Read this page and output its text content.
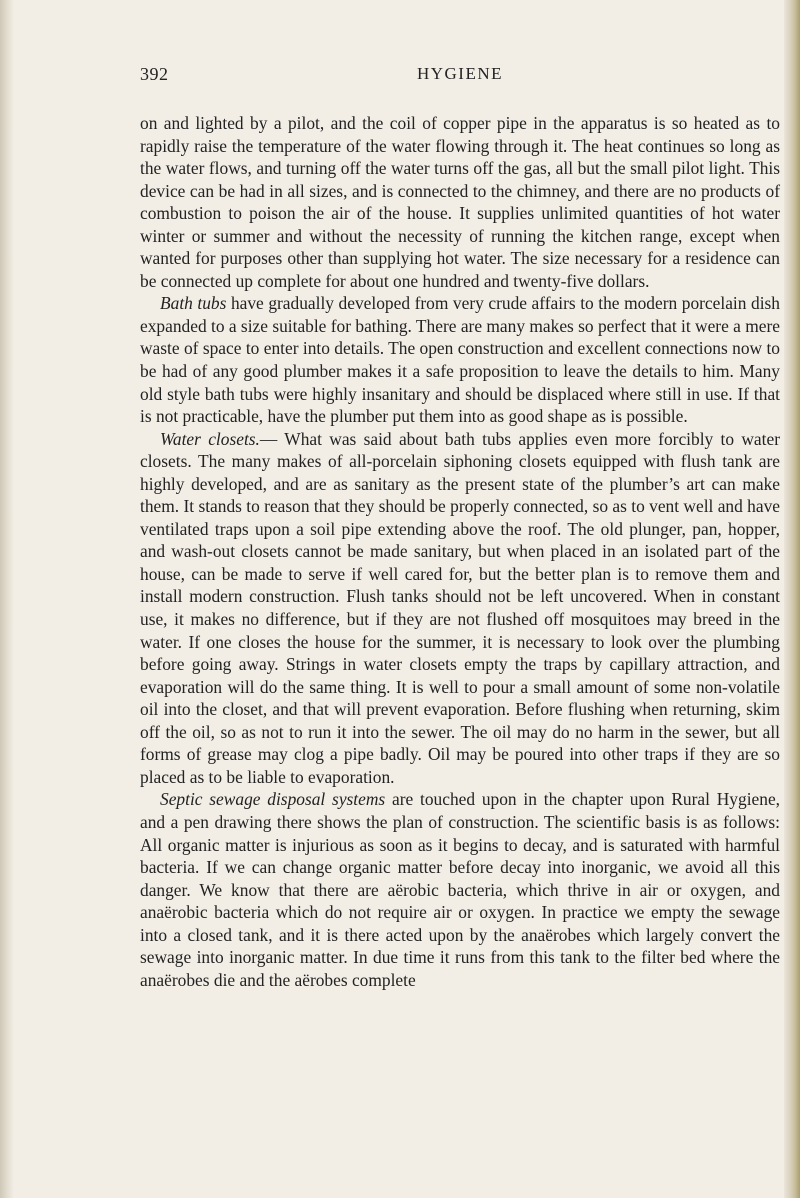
392	HYGIENE

on and lighted by a pilot, and the coil of copper pipe in the apparatus is so heated as to rapidly raise the temperature of the water flowing through it. The heat continues so long as the water flows, and turning off the water turns off the gas, all but the small pilot light. This device can be had in all sizes, and is connected to the chimney, and there are no products of combustion to poison the air of the house. It supplies unlimited quantities of hot water winter or summer and without the necessity of running the kitchen range, except when wanted for purposes other than supplying hot water. The size necessary for a residence can be connected up complete for about one hundred and twenty-five dollars.

Bath tubs have gradually developed from very crude affairs to the modern porcelain dish expanded to a size suitable for bathing. There are many makes so perfect that it were a mere waste of space to enter into details. The open construction and excellent connections now to be had of any good plumber makes it a safe proposition to leave the details to him. Many old style bath tubs were highly insanitary and should be displaced where still in use. If that is not practicable, have the plumber put them into as good shape as is possible.

Water closets.— What was said about bath tubs applies even more forcibly to water closets. The many makes of all-porcelain siphoning closets equipped with flush tank are highly developed, and are as sanitary as the present state of the plumber’s art can make them. It stands to reason that they should be properly connected, so as to vent well and have ventilated traps upon a soil pipe extending above the roof. The old plunger, pan, hopper, and wash-out closets cannot be made sanitary, but when placed in an isolated part of the house, can be made to serve if well cared for, but the better plan is to remove them and install modern construction. Flush tanks should not be left uncovered. When in constant use, it makes no difference, but if they are not flushed off mosquitoes may breed in the water. If one closes the house for the summer, it is necessary to look over the plumbing before going away. Strings in water closets empty the traps by capillary attraction, and evaporation will do the same thing. It is well to pour a small amount of some non-volatile oil into the closet, and that will prevent evaporation. Before flushing when returning, skim off the oil, so as not to run it into the sewer. The oil may do no harm in the sewer, but all forms of grease may clog a pipe badly. Oil may be poured into other traps if they are so placed as to be liable to evaporation.

Septic sewage disposal systems are touched upon in the chapter upon Rural Hygiene, and a pen drawing there shows the plan of construction. The scientific basis is as follows: All organic matter is injurious as soon as it begins to decay, and is saturated with harmful bacteria. If we can change organic matter before decay into inorganic, we avoid all this danger. We know that there are aërobic bacteria, which thrive in air or oxygen, and anaërobic bacteria which do not require air or oxygen. In practice we empty the sewage into a closed tank, and it is there acted upon by the anaërobes which largely convert the sewage into inorganic matter. In due time it runs from this tank to the filter bed where the anaërobes die and the aërobes complete
